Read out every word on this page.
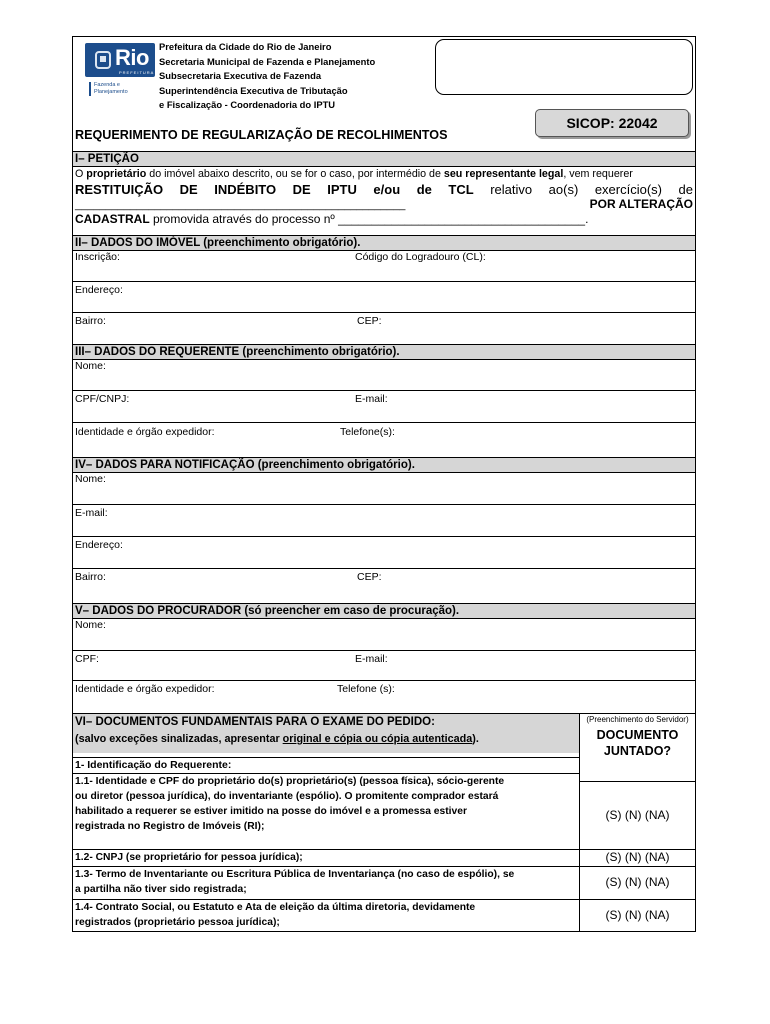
Rio
PREFEITURA
Fazenda e
Planejamento
Prefeitura da Cidade do Rio de Janeiro
Secretaria Municipal de Fazenda e Planejamento
Subsecretaria Executiva de Fazenda
Superintendência Executiva de Tributação
e Fiscalização - Coordenadoria do IPTU
SICOP: 22042
REQUERIMENTO DE REGULARIZAÇÃO DE RECOLHIMENTOS
I– PETIÇÃO
O proprietário do imóvel abaixo descrito, ou se for o caso, por intermédio de seu representante legal, vem requerer
RESTITUIÇÃO DE INDÉBITO DE IPTU e/ou de TCL relativo ao(s) exercício(s) de
______________________________________________________	POR ALTERAÇÃO
CADASTRAL promovida através do processo nº _____________________________________.
II– DADOS DO IMÓVEL (preenchimento obrigatório).
Inscrição:	Código do Logradouro (CL):
Endereço:
Bairro:	CEP:
III– DADOS DO REQUERENTE (preenchimento obrigatório).
Nome:
CPF/CNPJ:	E-mail:
Identidade e órgão expedidor:	Telefone(s):
IV– DADOS PARA NOTIFICAÇÃO (preenchimento obrigatório).
Nome:
E-mail:
Endereço:
Bairro:	CEP:
V– DADOS DO PROCURADOR (só preencher em caso de procuração).
Nome:
CPF:	E-mail:
Identidade e órgão expedidor:	Telefone (s):
VI– DOCUMENTOS FUNDAMENTAIS PARA O EXAME DO PEDIDO:
(salvo exceções sinalizadas, apresentar original e cópia ou cópia autenticada).
(Preenchimento do Servidor)
DOCUMENTO
JUNTADO?
1- Identificação do Requerente:
1.1- Identidade e CPF do proprietário do(s) proprietário(s) (pessoa física), sócio-gerente
ou diretor (pessoa jurídica), do inventariante (espólio). O promitente comprador estará
habilitado a requerer se estiver imitido na posse do imóvel e a promessa estiver
registrada no Registro de Imóveis (RI);
(S) (N) (NA)
1.2- CNPJ (se proprietário for pessoa jurídica);	(S) (N) (NA)
1.3- Termo de Inventariante ou Escritura Pública de Inventariança (no caso de espólio), se
a partilha não tiver sido registrada;
(S) (N) (NA)
1.4- Contrato Social, ou Estatuto e Ata de eleição da última diretoria, devidamente
registrados (proprietário pessoa jurídica);
(S) (N) (NA)
